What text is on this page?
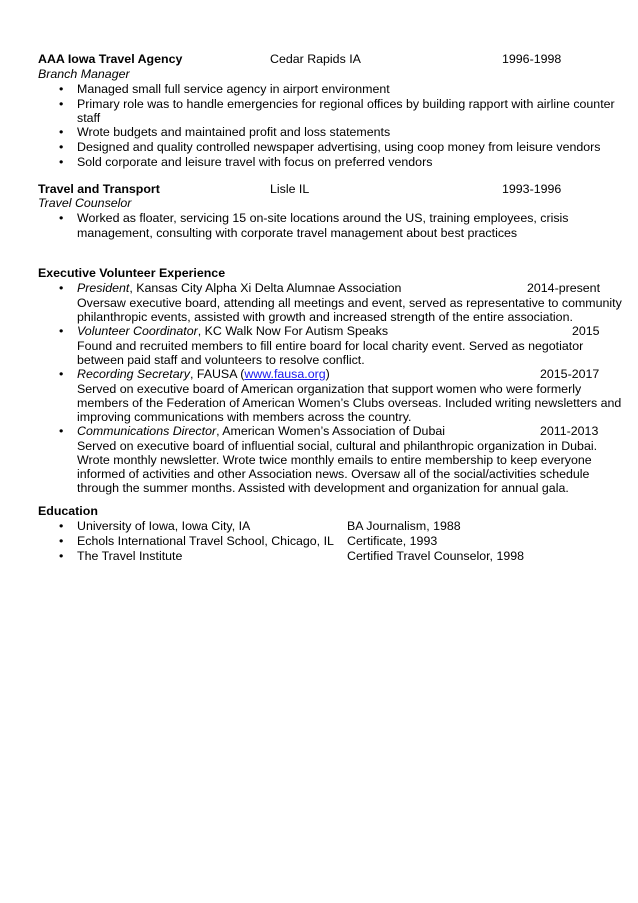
AAA Iowa Travel Agency	Cedar Rapids IA	1996-1998
Branch Manager
•	Managed small full service agency in airport environment
•	Primary role was to handle emergencies for regional offices by building rapport with airline counter
staff
•	Wrote budgets and maintained profit and loss statements
•	Designed and quality controlled newspaper advertising, using coop money from leisure vendors
•	Sold corporate and leisure travel with focus on preferred vendors
Travel and Transport	Lisle IL	1993-1996
Travel Counselor
•	Worked as floater, servicing 15 on-site locations around the US, training employees, crisis
management, consulting with corporate travel management about best practices
Executive Volunteer Experience
•	President, Kansas City Alpha Xi Delta Alumnae Association	2014-present
Oversaw executive board, attending all meetings and event, served as representative to community
philanthropic events, assisted with growth and increased strength of the entire association.
•	Volunteer Coordinator, KC Walk Now For Autism Speaks	2015
Found and recruited members to fill entire board for local charity event. Served as negotiator
between paid staff and volunteers to resolve conflict.
•	Recording Secretary, FAUSA (www.fausa.org)	2015-2017
Served on executive board of American organization that support women who were formerly
members of the Federation of American Women’s Clubs overseas. Included writing newsletters and
improving communications with members across the country.
•	Communications Director, American Women’s Association of Dubai	2011-2013
Served on executive board of influential social, cultural and philanthropic organization in Dubai.
Wrote monthly newsletter. Wrote twice monthly emails to entire membership to keep everyone
informed of activities and other Association news. Oversaw all of the social/activities schedule
through the summer months. Assisted with development and organization for annual gala.
Education
•	University of Iowa, Iowa City, IA	BA Journalism, 1988
•	Echols International Travel School, Chicago, IL Certificate, 1993
•	The Travel Institute	Certified Travel Counselor, 1998
